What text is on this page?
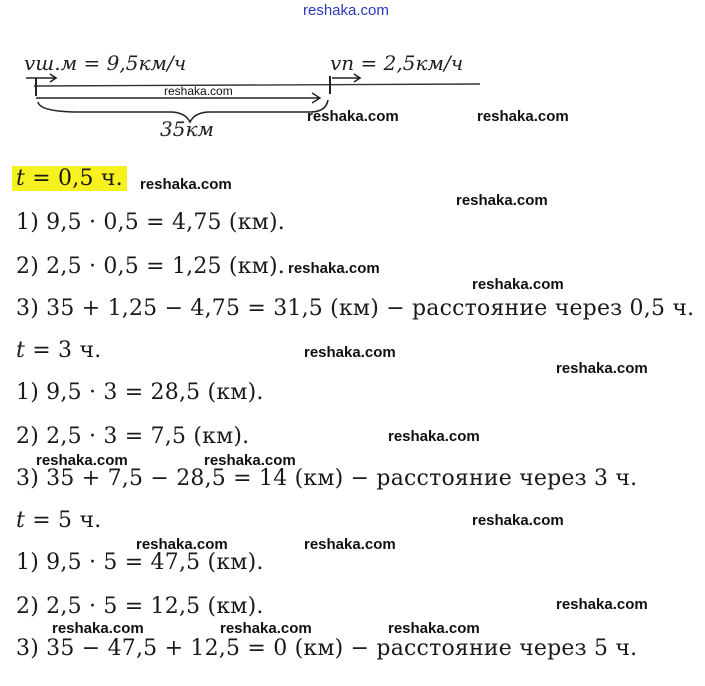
reshaka.com
𝑣ш.м = 9,5км/ч	𝑣п = 2,5км/ч
35км
reshaka.com
reshaka.com	reshaka.com
reshaka.com
reshaka.com
reshaka.com
reshaka.com
reshaka.com
reshaka.com
reshaka.com
reshaka.com	reshaka.com
reshaka.com
reshaka.com	reshaka.com
reshaka.com
reshaka.com	reshaka.com	reshaka.com
𝑡 = 0,5 ч.
1) 9,5 · 0,5 = 4,75 (км).
2) 2,5 · 0,5 = 1,25 (км).
3) 35 + 1,25 − 4,75 = 31,5 (км) − расстояние через 0,5 ч.
𝑡 = 3 ч.
1) 9,5 · 3 = 28,5 (км).
2) 2,5 · 3 = 7,5 (км).
3) 35 + 7,5 − 28,5 = 14 (км) − расстояние через 3 ч.
𝑡 = 5 ч.
1) 9,5 · 5 = 47,5 (км).
2) 2,5 · 5 = 12,5 (км).
3) 35 − 47,5 + 12,5 = 0 (км) − расстояние через 5 ч.
